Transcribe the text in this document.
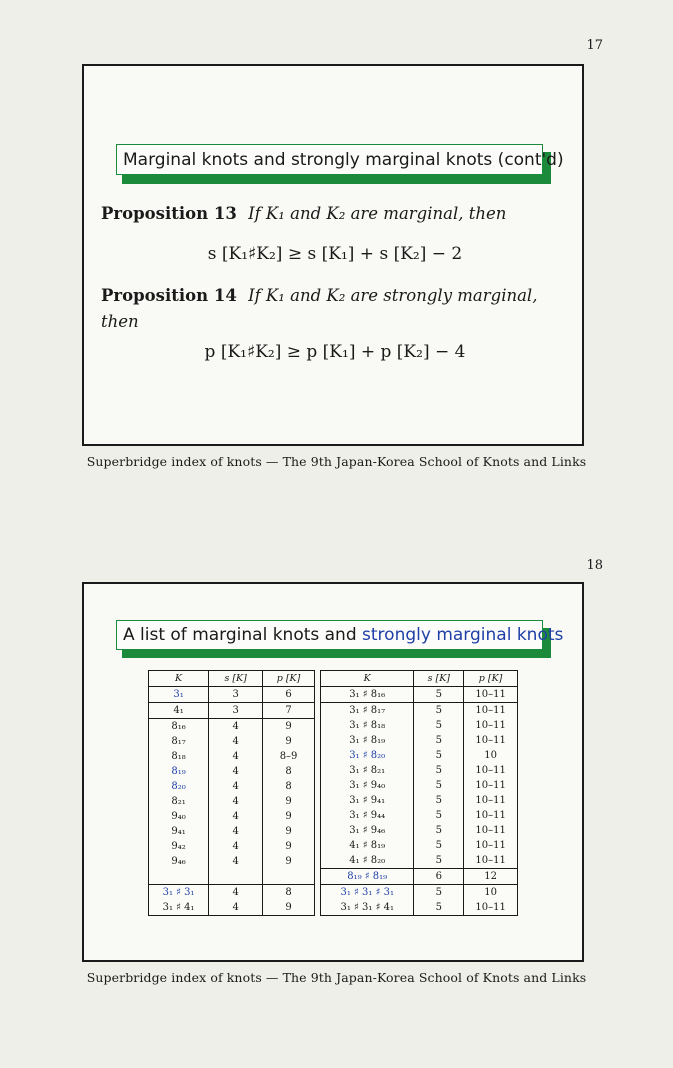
17
Marginal knots and strongly marginal knots (cont'd)
Proposition 13 If K₁ and K₂ are marginal, then
s [K₁♯K₂] ≥ s [K₁] + s [K₂] − 2
Proposition 14 If K₁ and K₂ are strongly marginal,
then
p [K₁♯K₂] ≥ p [K₁] + p [K₂] − 4
Superbridge index of knots — The 9th Japan-Korea School of Knots and Links
18
A list of marginal knots and strongly marginal knots
K	s [K]	p [K]
3₁	3	6
4₁	3	7
8₁₆	4	9
8₁₇	4	9
8₁₈	4	8–9
8₁₉	4	8
8₂₀	4	8
8₂₁	4	9
9₄₀	4	9
9₄₁	4	9
9₄₂	4	9
9₄₆	4	9

3₁ ♯ 3₁	4	8
3₁ ♯ 4₁	4	9
K	s [K]	p [K]
3₁ ♯ 8₁₆	5	10–11
3₁ ♯ 8₁₇	5	10–11
3₁ ♯ 8₁₈	5	10–11
3₁ ♯ 8₁₉	5	10–11
3₁ ♯ 8₂₀	5	10
3₁ ♯ 8₂₁	5	10–11
3₁ ♯ 9₄₀	5	10–11
3₁ ♯ 9₄₁	5	10–11
3₁ ♯ 9₄₄	5	10–11
3₁ ♯ 9₄₆	5	10–11
4₁ ♯ 8₁₉	5	10–11
4₁ ♯ 8₂₀	5	10–11
8₁₉ ♯ 8₁₉	6	12
3₁ ♯ 3₁ ♯ 3₁	5	10
3₁ ♯ 3₁ ♯ 4₁	5	10–11
Superbridge index of knots — The 9th Japan-Korea School of Knots and Links
